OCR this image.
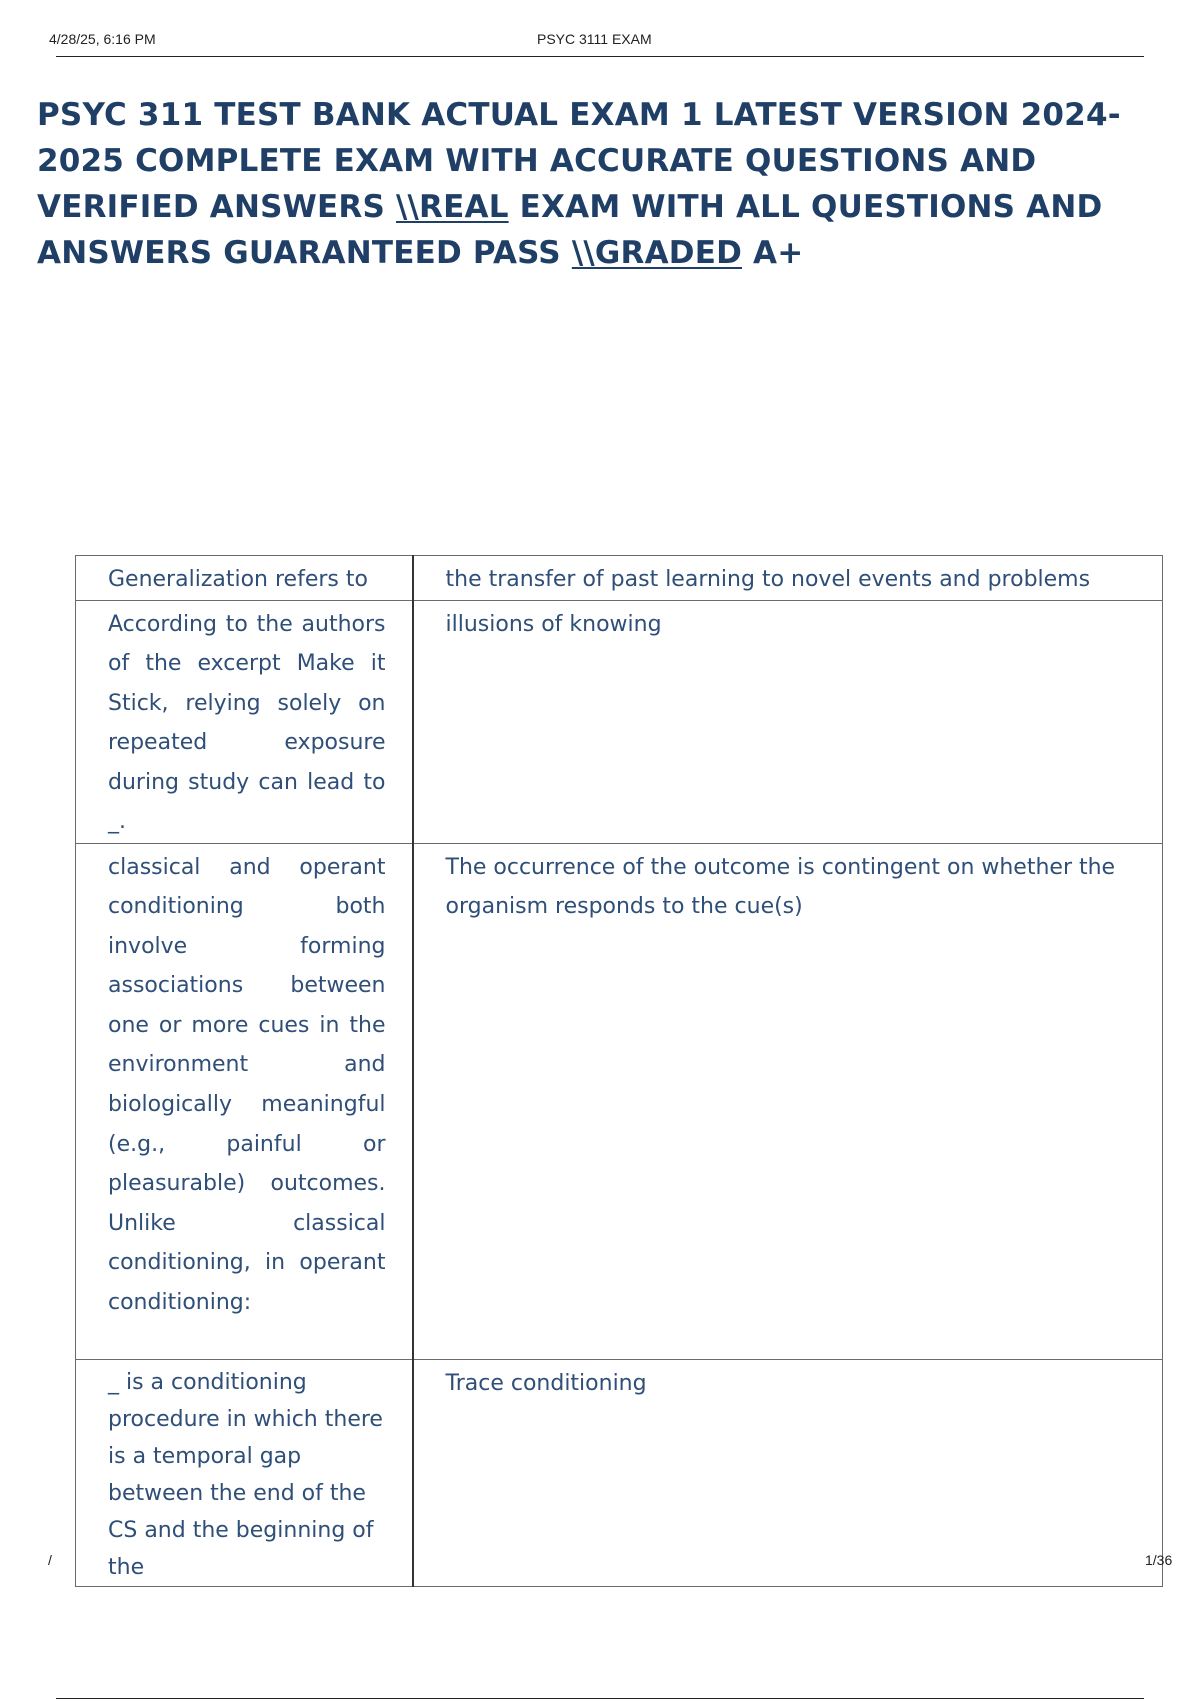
4/28/25, 6:16 PM	PSYC 3111 EXAM
PSYC 311 TEST BANK ACTUAL EXAM 1 LATEST VERSION 2024-2025 COMPLETE EXAM WITH ACCURATE QUESTIONS AND VERIFIED ANSWERS \\REAL EXAM WITH ALL QUESTIONS AND ANSWERS GUARANTEED PASS \\GRADED A+
Generalization refers to	the transfer of past learning to novel events and problems

According to the authors of the excerpt Make it Stick, relying solely on repeated exposure during study can lead to _.	illusions of knowing

classical and operant conditioning both involve forming associations between one or more cues in the environment and biologically meaningful (e.g., painful or pleasurable) outcomes. Unlike classical conditioning, in operant conditioning:	The occurrence of the outcome is contingent on whether the organism responds to the cue(s)

_ is a conditioning procedure in which there is a temporal gap between the end of the CS and the beginning of the	Trace conditioning
/	1/36
